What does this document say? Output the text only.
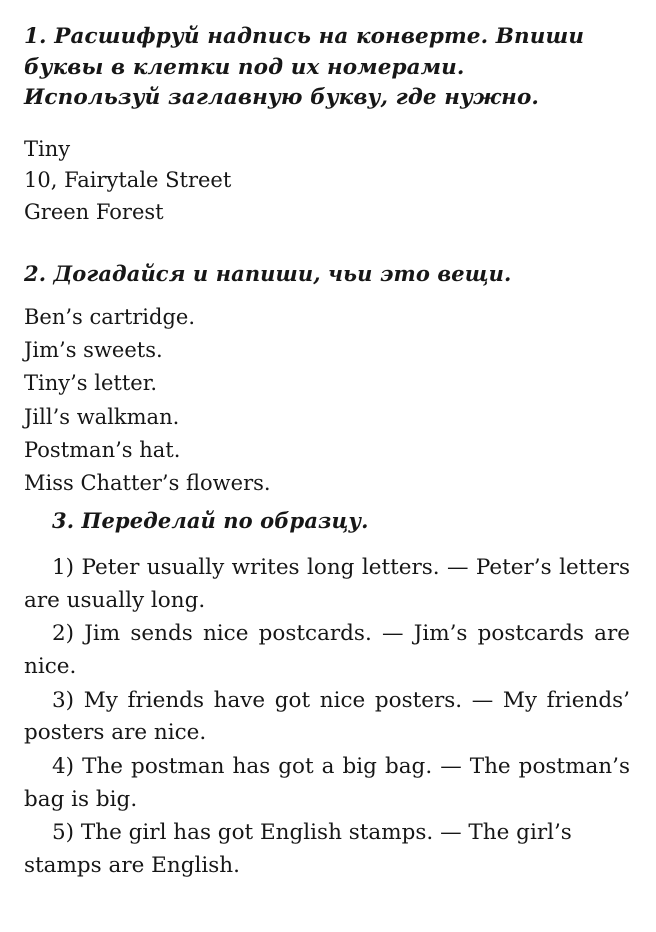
1. Расшифруй надпись на конверте. Впиши буквы в клетки под их номерами. Используй заглавную букву, где нужно.

Tiny
10, Fairytale Street
Green Forest

2. Догадайся и напиши, чьи это вещи.

Ben’s cartridge.
Jim’s sweets.
Tiny’s letter.
Jill’s walkman.
Postman’s hat.
Miss Chatter’s flowers.

3. Переделай по образцу.

1) Peter usually writes long letters. — Peter’s letters are usually long.

2) Jim sends nice postcards. — Jim’s postcards are nice.

3) My friends have got nice posters. — My friends’ posters are nice.

4) The postman has got a big bag. — The postman’s bag is big.

5) The girl has got English stamps. — The girl’s stamps are English.
